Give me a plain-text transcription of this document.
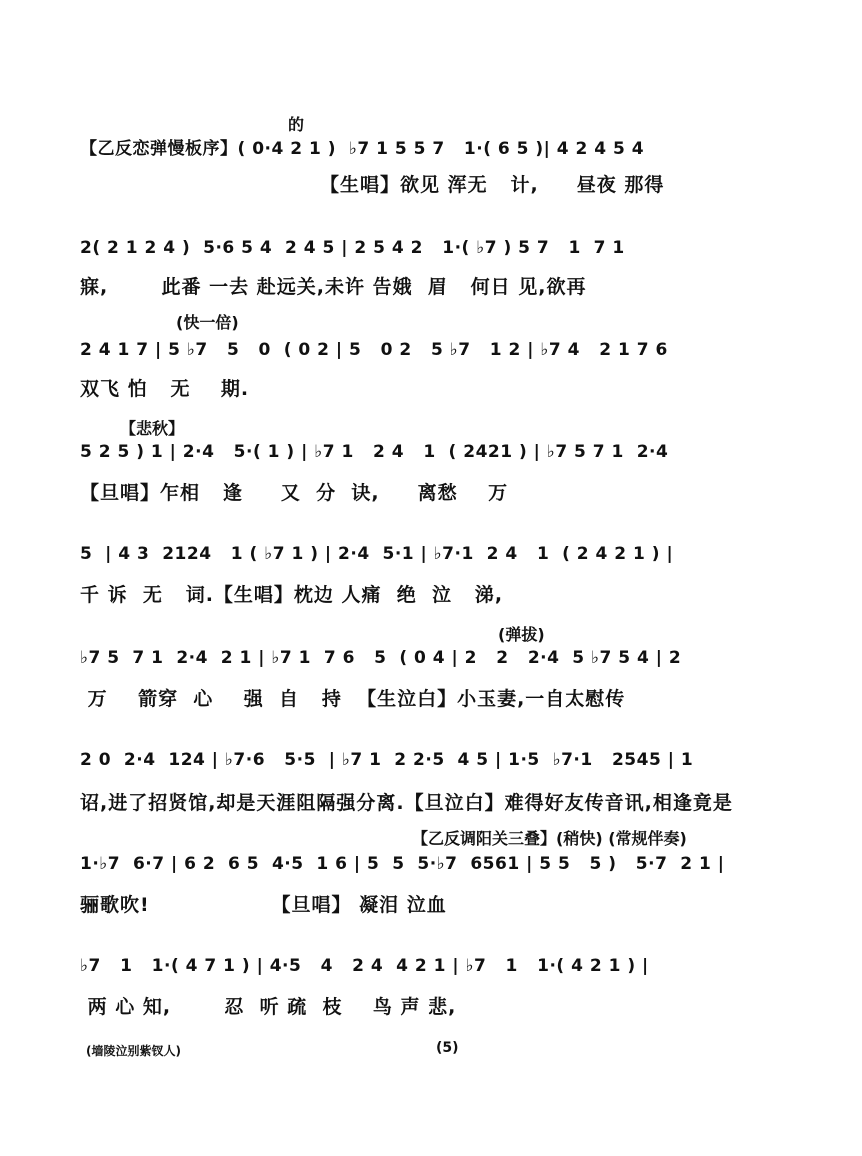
的
【乙反恋弹慢板序】( 0·4 2 1 )  ♭7 1 5 5 7   1·( 6 5 )| 4 2 4 5 4
【生唱】欲见 浑无   计,     昼夜 那得
2( 2 1 2 4 )  5·6 5 4  2 4 5 | 2 5 4 2   1·( ♭7 ) 5 7   1  7 1
寐,       此番 一去 赴远关,未许 告娥  眉   何日 见,欲再
(快一倍)
2 4 1 7 | 5 ♭7   5   0  ( 0 2 | 5   0 2   5 ♭7   1 2 | ♭7 4   2 1 7 6
双飞 怕   无    期.
【悲秋】
5 2 5 ) 1 | 2·4   5·( 1 ) | ♭7 1   2 4   1  ( 2421 ) | ♭7 5 7 1  2·4
【旦唱】乍相   逢     又  分  诀,     离愁    万
5  | 4 3  2124   1 ( ♭7 1 ) | 2·4  5·1 | ♭7·1  2 4   1  ( 2 4 2 1 ) |
千 诉  无   词.【生唱】枕边 人痛  绝  泣   涕,
(弹拔)
♭7 5  7 1  2·4  2 1 | ♭7 1  7 6   5  ( 0 4 | 2   2   2·4  5 ♭7 5 4 | 2
万    箭穿  心    强  自   持  【生泣白】小玉妻,一自太慰传
2 0  2·4  124 | ♭7·6   5·5  | ♭7 1  2 2·5  4 5 | 1·5  ♭7·1   2545 | 1
诏,进了招贤馆,却是天涯阻隔强分离.【旦泣白】难得好友传音讯,相逢竟是
【乙反调阳关三叠】(稍快) (常规伴奏)
1·♭7  6·7 | 6 2  6 5  4·5  1 6 | 5  5  5·♭7  6561 | 5 5   5 )   5·7  2 1 |
骊歌吹!                【旦唱】 凝泪 泣血
♭7   1   1·( 4 7 1 ) | 4·5   4   2 4  4 2 1 | ♭7   1   1·( 4 2 1 ) |
两 心 知,       忍  听 疏  枝    鸟 声 悲,
(墙陵泣别紫钗人)	(5)
